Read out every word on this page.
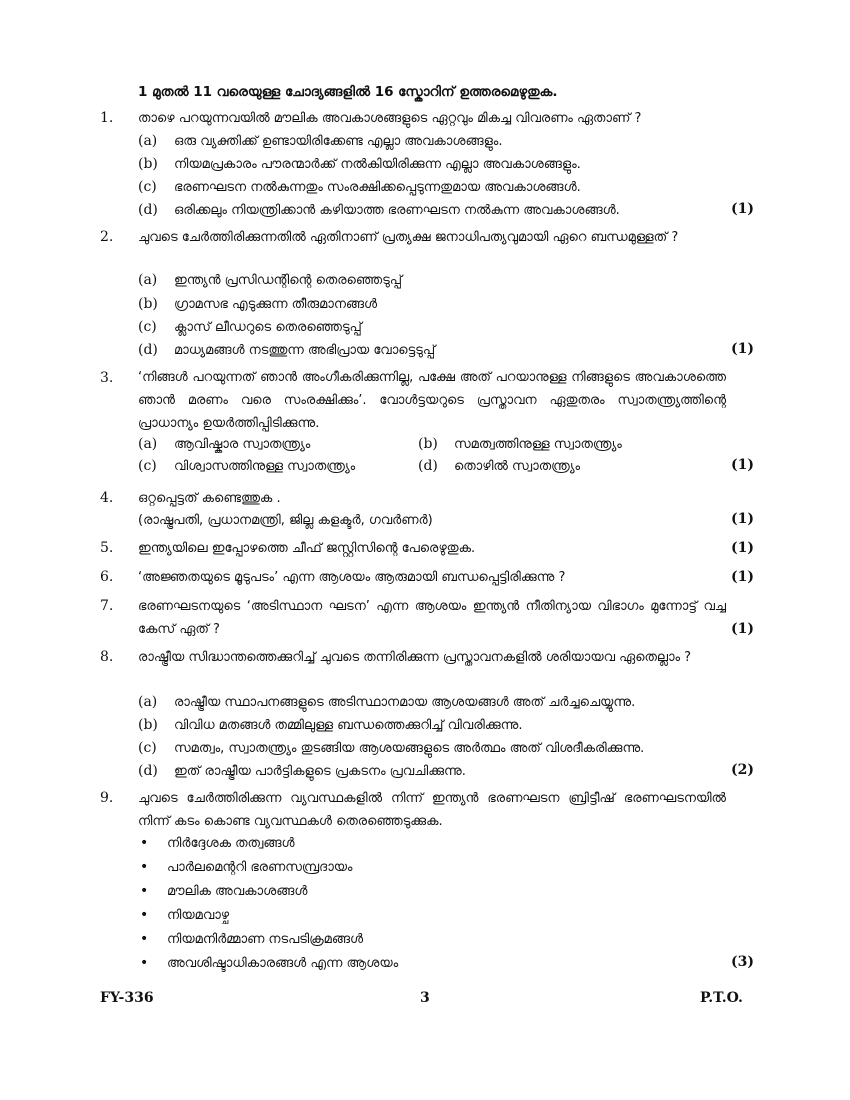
1 മുതൽ 11 വരെയുള്ള ചോദ്യങ്ങളിൽ 16 സ്കോറിന് ഉത്തരമെഴുതുക.
1. താഴെ പറയുന്നവയിൽ മൗലിക അവകാശങ്ങളുടെ ഏറ്റവും മികച്ച വിവരണം ഏതാണ് ?
(a) ഒരു വ്യക്തിക്ക് ഉണ്ടായിരിക്കേണ്ട എല്ലാ അവകാശങ്ങളും.
(b) നിയമപ്രകാരം പൗരന്മാർക്ക് നൽകിയിരിക്കുന്ന എല്ലാ അവകാശങ്ങളും.
(c) ഭരണഘടന നൽകുന്നതും സംരക്ഷിക്കപ്പെടുന്നതുമായ അവകാശങ്ങൾ.
(d) ഒരിക്കലും നിയന്ത്രിക്കാൻ കഴിയാത്ത ഭരണഘടന നൽകുന്ന അവകാശങ്ങൾ.	(1)
2. ചുവടെ ചേർത്തിരിക്കുന്നതിൽ ഏതിനാണ് പ്രത്യക്ഷ ജനാധിപത്യവുമായി ഏറെ ബന്ധമുള്ളത് ?
(a) ഇന്ത്യൻ പ്രസിഡന്റിന്റെ തെരഞ്ഞെടുപ്പ്
(b) ഗ്രാമസഭ എടുക്കുന്ന തീരുമാനങ്ങൾ
(c) ക്ലാസ് ലീഡറുടെ തെരഞ്ഞെടുപ്പ്
(d) മാധ്യമങ്ങൾ നടത്തുന്ന അഭിപ്രായ വോട്ടെടുപ്പ്	(1)
3. ‘നിങ്ങൾ പറയുന്നത് ഞാൻ അംഗീകരിക്കുന്നില്ല, പക്ഷേ അത് പറയാനുള്ള നിങ്ങളുടെ അവകാശത്തെ ഞാൻ മരണം വരെ സംരക്ഷിക്കും’. വോൾട്ടയറുടെ പ്രസ്താവന ഏതുതരം സ്വാതന്ത്ര്യത്തിന്റെ പ്രാധാന്യം ഉയർത്തിപ്പിടിക്കുന്നു.
(a) ആവിഷ്കാര സ്വാതന്ത്ര്യം	(b) സമത്വത്തിനുള്ള സ്വാതന്ത്ര്യം
(c) വിശ്വാസത്തിനുള്ള സ്വാതന്ത്ര്യം	(d) തൊഴിൽ സ്വാതന്ത്ര്യം	(1)
4. ഒറ്റപ്പെട്ടത് കണ്ടെത്തുക .
(രാഷ്ട്രപതി, പ്രധാനമന്ത്രി, ജില്ല കളക്ടർ, ഗവർണർ)	(1)
5. ഇന്ത്യയിലെ ഇപ്പോഴത്തെ ചീഫ് ജസ്റ്റിസിന്റെ പേരെഴുതുക.	(1)
6. ‘അജ്ഞതയുടെ മൂടുപടം’ എന്ന ആശയം ആരുമായി ബന്ധപ്പെട്ടിരിക്കുന്നു ?	(1)
7. ഭരണഘടനയുടെ ‘അടിസ്ഥാന ഘടന’ എന്ന ആശയം ഇന്ത്യൻ നീതിന്യായ വിഭാഗം മുന്നോട്ട് വച്ച കേസ് ഏത് ?	(1)
8. രാഷ്ട്രീയ സിദ്ധാന്തത്തെക്കുറിച്ച് ചുവടെ തന്നിരിക്കുന്ന പ്രസ്താവനകളിൽ ശരിയായവ ഏതെല്ലാം ?
(a) രാഷ്ട്രീയ സ്ഥാപനങ്ങളുടെ അടിസ്ഥാനമായ ആശയങ്ങൾ അത് ചർച്ചചെയ്യുന്നു.
(b) വിവിധ മതങ്ങൾ തമ്മിലുള്ള ബന്ധത്തെക്കുറിച്ച് വിവരിക്കുന്നു.
(c) സമത്വം, സ്വാതന്ത്ര്യം തുടങ്ങിയ ആശയങ്ങളുടെ അർത്ഥം അത് വിശദീകരിക്കുന്നു.
(d) ഇത് രാഷ്ട്രീയ പാർട്ടികളുടെ പ്രകടനം പ്രവചിക്കുന്നു.	(2)
9. ചുവടെ ചേർത്തിരിക്കുന്ന വ്യവസ്ഥകളിൽ നിന്ന് ഇന്ത്യൻ ഭരണഘടന ബ്രിട്ടീഷ് ഭരണഘടനയിൽ നിന്ന് കടം കൊണ്ട വ്യവസ്ഥകൾ തെരഞ്ഞെടുക്കുക.
• നിർദ്ദേശക തത്വങ്ങൾ
• പാർലമെന്ററി ഭരണസമ്പ്രദായം
• മൗലിക അവകാശങ്ങൾ
• നിയമവാഴ്ച
• നിയമനിർമ്മാണ നടപടിക്രമങ്ങൾ
• അവശിഷ്ടാധികാരങ്ങൾ എന്ന ആശയം	(3)
FY-336	3	P.T.O.
